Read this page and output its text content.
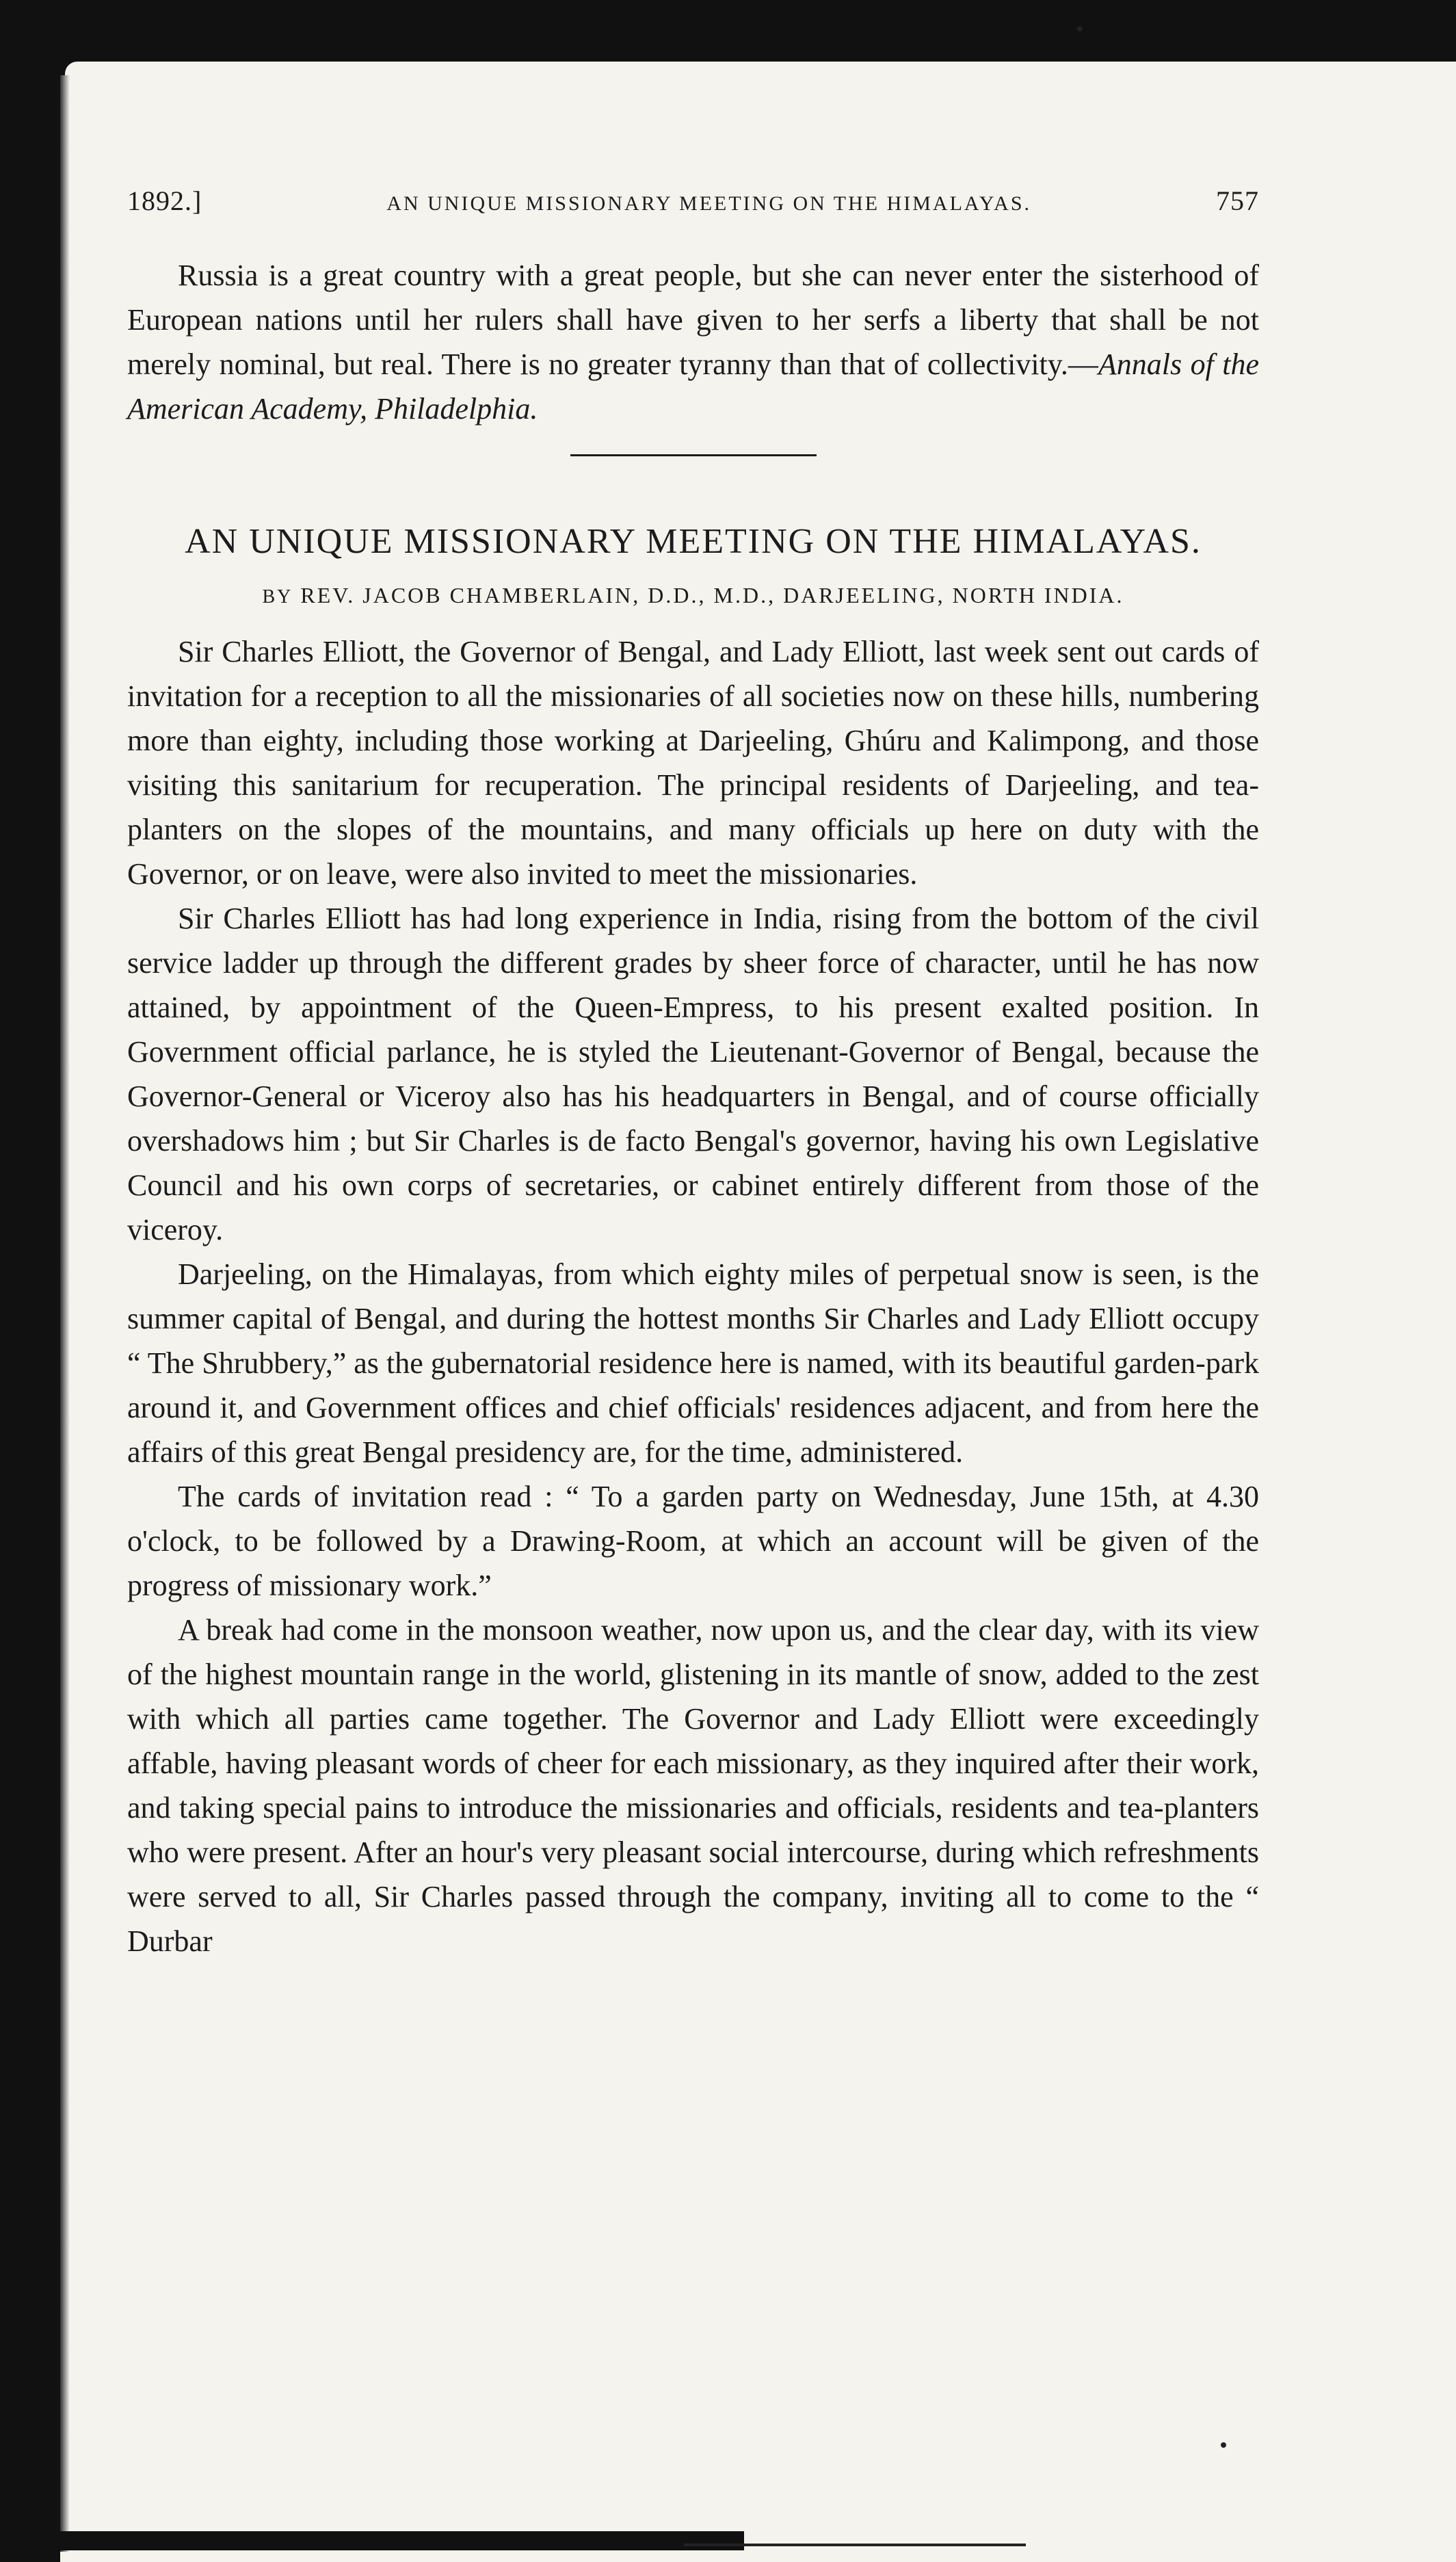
1892.]	AN UNIQUE MISSIONARY MEETING ON THE HIMALAYAS.	757

Russia is a great country with a great people, but she can never enter the sisterhood of European nations until her rulers shall have given to her serfs a liberty that shall be not merely nominal, but real. There is no greater tyranny than that of collectivity.—Annals of the American Academy, Philadelphia.

AN UNIQUE MISSIONARY MEETING ON THE HIMALAYAS.
BY REV. JACOB CHAMBERLAIN, D.D., M.D., DARJEELING, NORTH INDIA.

Sir Charles Elliott, the Governor of Bengal, and Lady Elliott, last week sent out cards of invitation for a reception to all the missionaries of all societies now on these hills, numbering more than eighty, including those working at Darjeeling, Ghúru and Kalimpong, and those visiting this sanitarium for recuperation. The principal residents of Darjeeling, and tea-planters on the slopes of the mountains, and many officials up here on duty with the Governor, or on leave, were also invited to meet the missionaries.

Sir Charles Elliott has had long experience in India, rising from the bottom of the civil service ladder up through the different grades by sheer force of character, until he has now attained, by appointment of the Queen-Empress, to his present exalted position. In Government official parlance, he is styled the Lieutenant-Governor of Bengal, because the Governor-General or Viceroy also has his headquarters in Bengal, and of course officially overshadows him ; but Sir Charles is de facto Bengal's governor, having his own Legislative Council and his own corps of secretaries, or cabinet entirely different from those of the viceroy.

Darjeeling, on the Himalayas, from which eighty miles of perpetual snow is seen, is the summer capital of Bengal, and during the hottest months Sir Charles and Lady Elliott occupy “ The Shrubbery,” as the gubernatorial residence here is named, with its beautiful garden-park around it, and Government offices and chief officials' residences adjacent, and from here the affairs of this great Bengal presidency are, for the time, administered.

The cards of invitation read : “ To a garden party on Wednesday, June 15th, at 4.30 o'clock, to be followed by a Drawing-Room, at which an account will be given of the progress of missionary work.”

A break had come in the monsoon weather, now upon us, and the clear day, with its view of the highest mountain range in the world, glistening in its mantle of snow, added to the zest with which all parties came together. The Governor and Lady Elliott were exceedingly affable, having pleasant words of cheer for each missionary, as they inquired after their work, and taking special pains to introduce the missionaries and officials, residents and tea-planters who were present. After an hour's very pleasant social intercourse, during which refreshments were served to all, Sir Charles passed through the company, inviting all to come to the “ Durbar
